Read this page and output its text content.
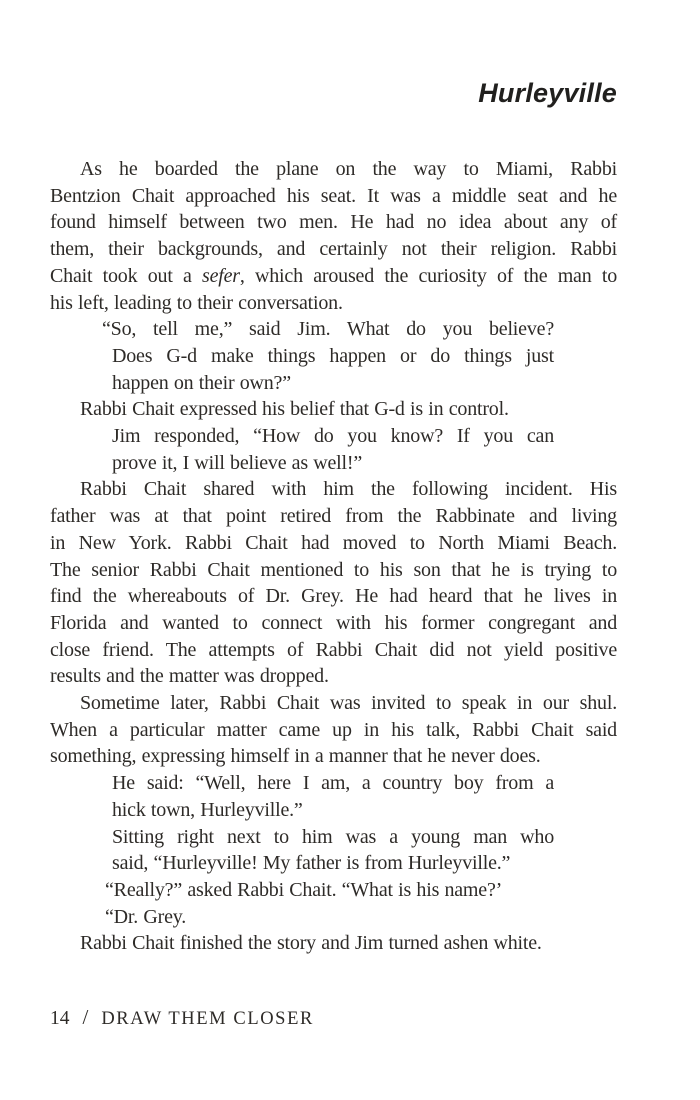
Hurleyville

As he boarded the plane on the way to Miami, Rabbi
Bentzion Chait approached his seat. It was a middle seat and he
found himself between two men. He had no idea about any of
them, their backgrounds, and certainly not their religion. Rabbi
Chait took out a sefer, which aroused the curiosity of the man to
his left, leading to their conversation.

“So, tell me,” said Jim. What do you believe?
Does G-d make things happen or do things just
happen on their own?”

Rabbi Chait expressed his belief that G-d is in control.

Jim responded, “How do you know? If you can
prove it, I will believe as well!”

Rabbi Chait shared with him the following incident. His
father was at that point retired from the Rabbinate and living
in New York. Rabbi Chait had moved to North Miami Beach.
The senior Rabbi Chait mentioned to his son that he is trying to
find the whereabouts of Dr. Grey. He had heard that he lives in
Florida and wanted to connect with his former congregant and
close friend. The attempts of Rabbi Chait did not yield positive
results and the matter was dropped.

Sometime later, Rabbi Chait was invited to speak in our shul.
When a particular matter came up in his talk, Rabbi Chait said
something, expressing himself in a manner that he never does.

He said: “Well, here I am, a country boy from a
hick town, Hurleyville.”

Sitting right next to him was a young man who
said, “Hurleyville! My father is from Hurleyville.”

“Really?” asked Rabbi Chait. “What is his name?’
“Dr. Grey.

Rabbi Chait finished the story and Jim turned ashen white.

14 / DRAW THEM CLOSER
